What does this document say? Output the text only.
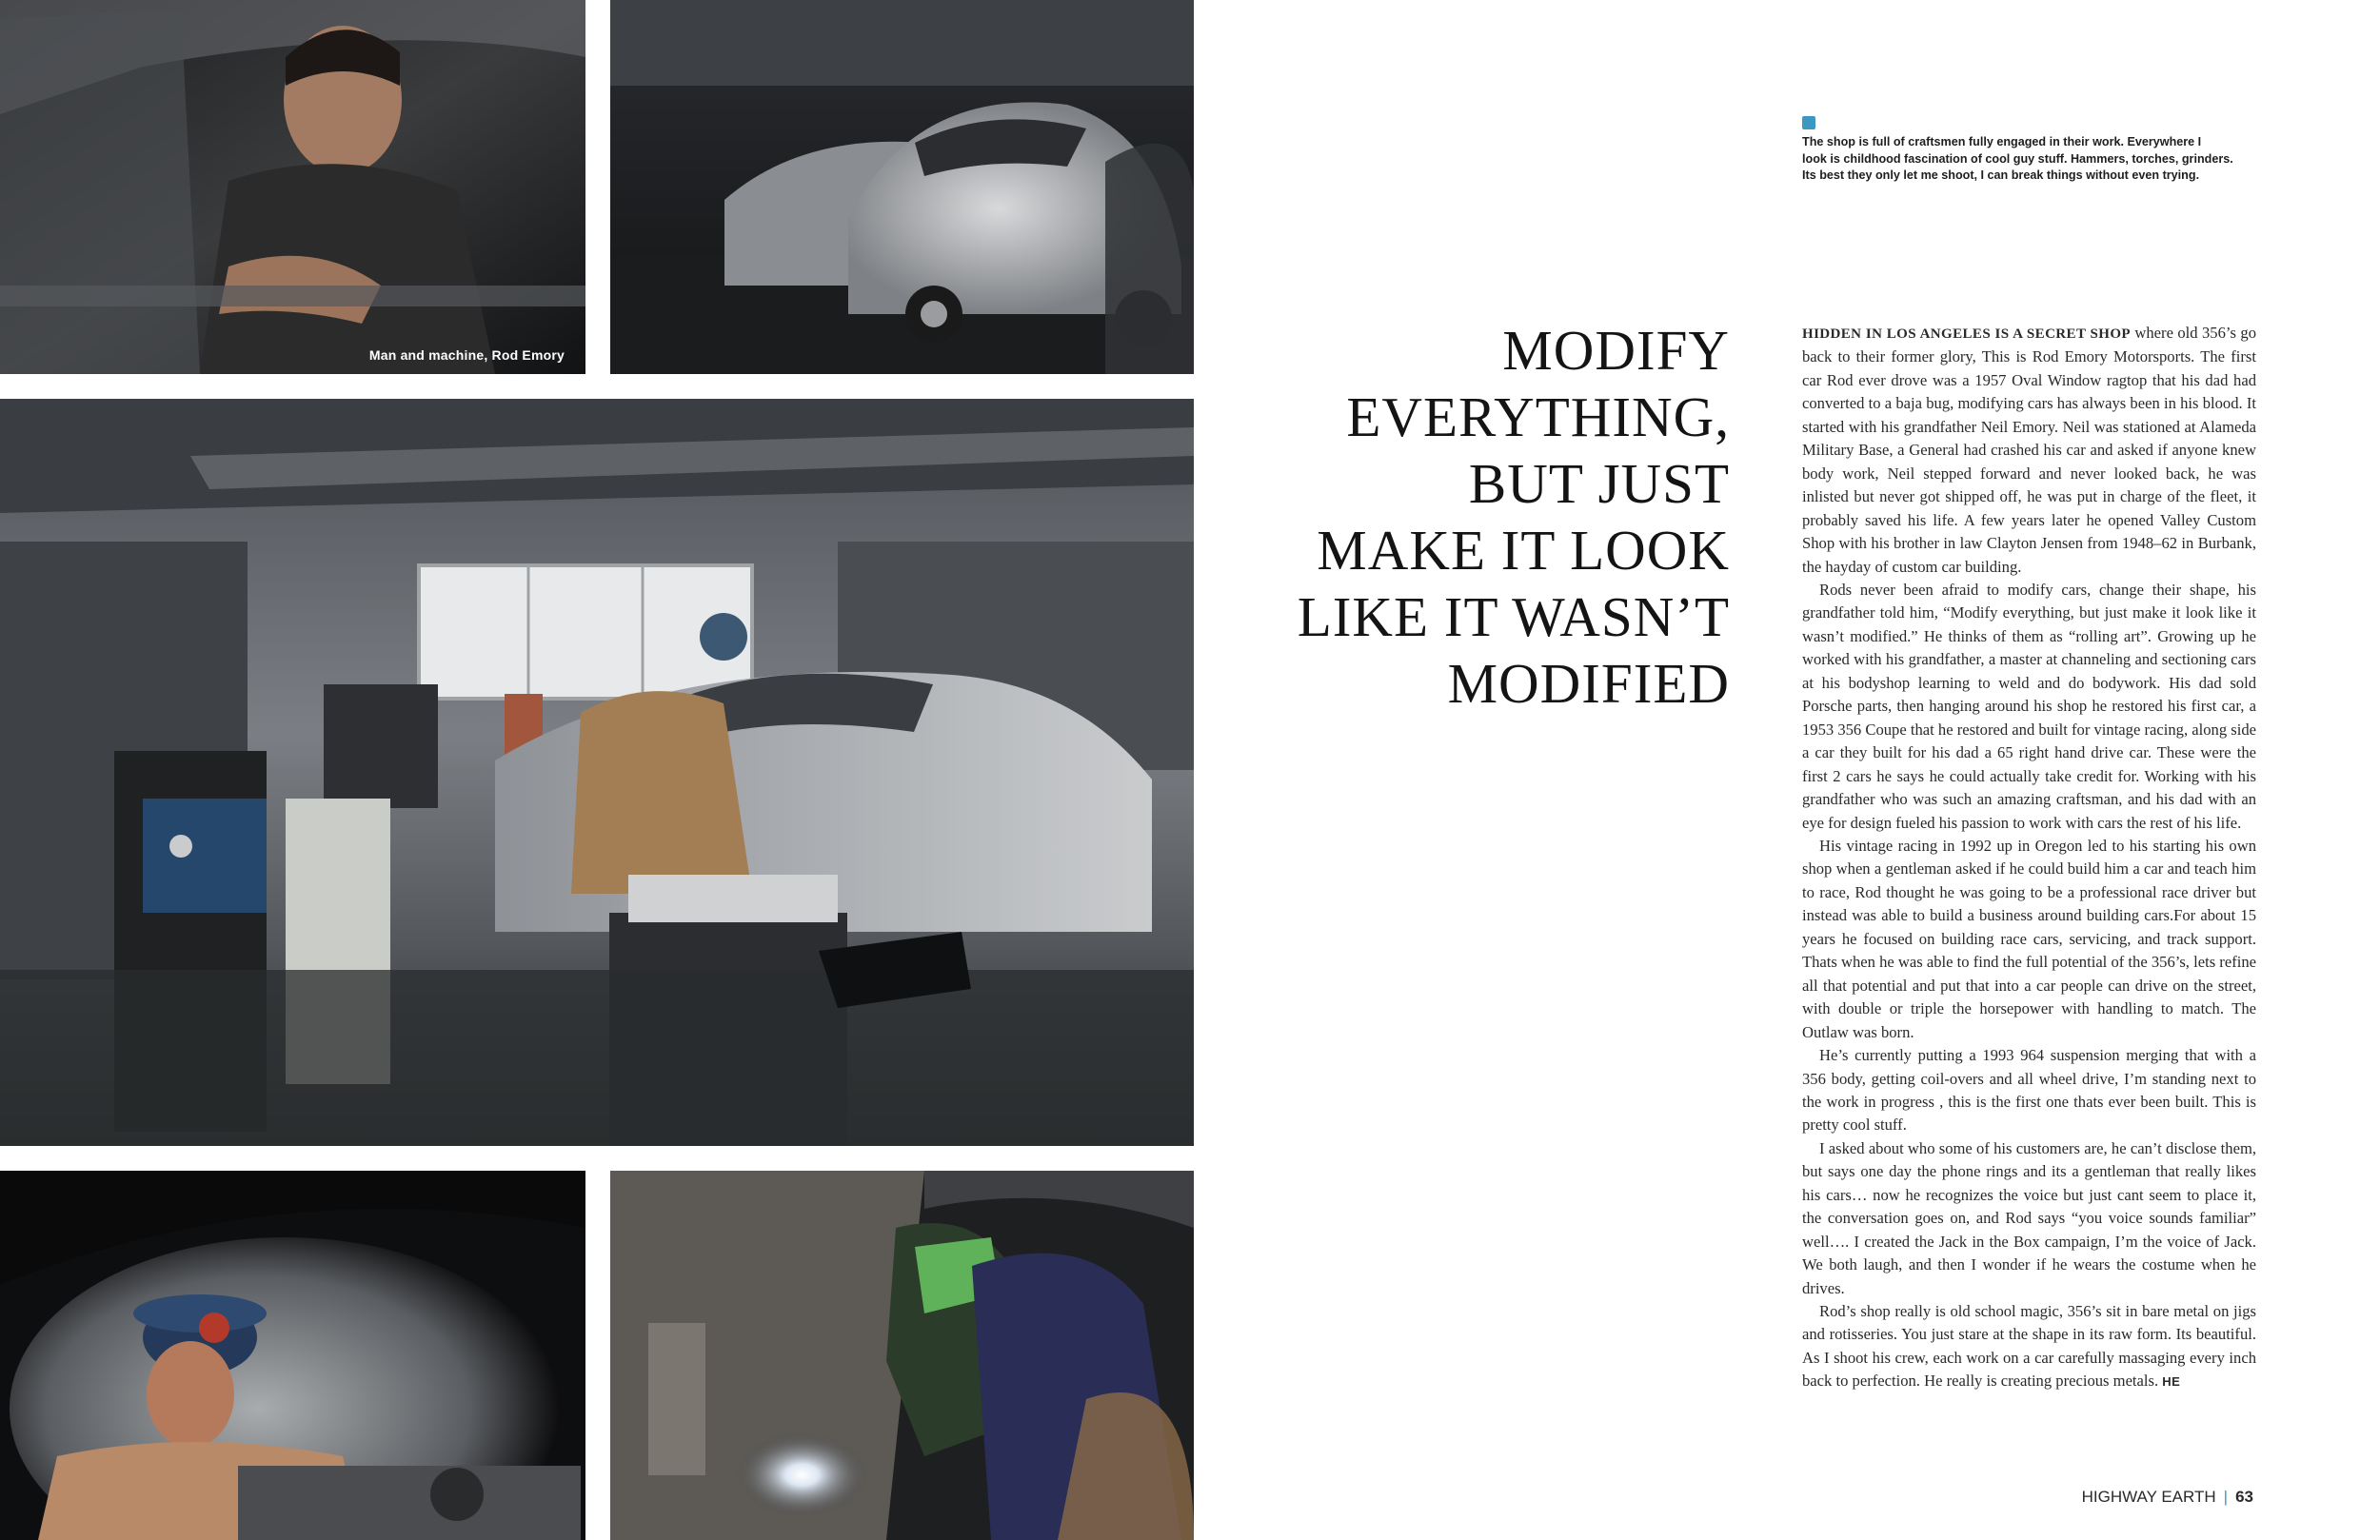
Man and machine, Rod Emory
The shop is full of craftsmen fully engaged in their work. Everywhere I
look is childhood fascination of cool guy stuff. Hammers, torches, grinders.
Its best they only let me shoot, I can break things without even trying.
MODIFY
EVERYTHING,
BUT JUST
MAKE IT LOOK
LIKE IT WASN’T
MODIFIED

HIDDEN IN LOS ANGELES IS A SECRET SHOP where old 356’s go back to their former glory, This is Rod Emory Motorsports. The first car Rod ever drove was a 1957 Oval Window ragtop that his dad had converted to a baja bug, modifying cars has always been in his blood. It started with his grandfather Neil Emory. Neil was stationed at Alameda Military Base, a General had crashed his car and asked if anyone knew body work, Neil stepped forward and never looked back, he was inlisted but never got shipped off, he was put in charge of the fleet, it probably saved his life. A few years later he opened Valley Custom Shop with his brother in law Clayton Jensen from 1948–62 in Burbank, the hayday of custom car building.

Rods never been afraid to modify cars, change their shape, his grandfather told him, “Modify everything, but just make it look like it wasn’t modified.” He thinks of them as “rolling art”. Growing up he worked with his grandfather, a master at channeling and sectioning cars at his bodyshop learning to weld and do bodywork. His dad sold Porsche parts, then hanging around his shop he restored his first car, a 1953 356 Coupe that he restored and built for vintage racing, along side a car they built for his dad a 65 right hand drive car. These were the first 2 cars he says he could actually take credit for. Working with his grandfather who was such an amazing craftsman, and his dad with an eye for design fueled his passion to work with cars the rest of his life.

His vintage racing in 1992 up in Oregon led to his starting his own shop when a gentleman asked if he could build him a car and teach him to race, Rod thought he was going to be a professional race driver but instead was able to build a business around building cars.For about 15 years he focused on building race cars, servicing, and track support. Thats when he was able to find the full potential of the 356’s, lets refine all that potential and put that into a car people can drive on the street, with double or triple the horsepower with handling to match. The Outlaw was born.

He’s currently putting a 1993 964 suspension merging that with a 356 body, getting coil-overs and all wheel drive, I’m standing next to the work in progress , this is the first one thats ever been built. This is pretty cool stuff.

I asked about who some of his customers are, he can’t disclose them, but says one day the phone rings and its a gentleman that really likes his cars… now he recognizes the voice but just cant seem to place it, the conversation goes on, and Rod says “you voice sounds familiar” well…. I created the Jack in the Box campaign, I’m the voice of Jack. We both laugh, and then I wonder if he wears the costume when he drives.

Rod’s shop really is old school magic, 356’s sit in bare metal on jigs and rotisseries. You just stare at the shape in its raw form. Its beautiful. As I shoot his crew, each work on a car carefully massaging every inch back to perfection. He really is creating precious metals. HE

HIGHWAY EARTH | 63
